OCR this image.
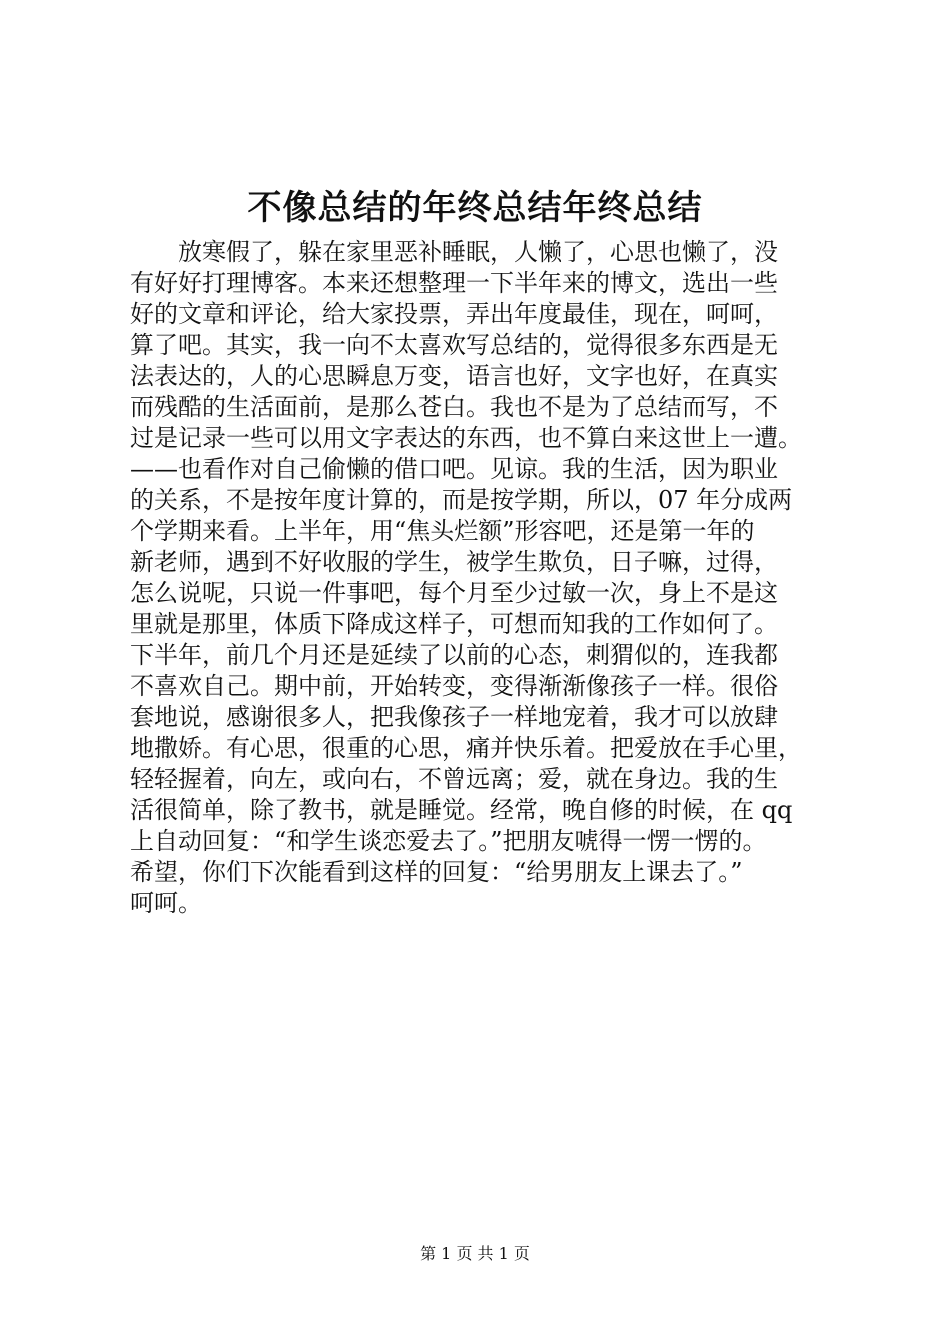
不像总结的年终总结年终总结
放寒假了，躲在家里恶补睡眠，人懒了，心思也懒了，没
有好好打理博客。本来还想整理一下半年来的博文，选出一些
好的文章和评论，给大家投票，弄出年度最佳，现在，呵呵，
算了吧。其实，我一向不太喜欢写总结的，觉得很多东西是无
法表达的，人的心思瞬息万变，语言也好，文字也好，在真实
而残酷的生活面前，是那么苍白。我也不是为了总结而写，不
过是记录一些可以用文字表达的东西，也不算白来这世上一遭。
——也看作对自己偷懒的借口吧。见谅。我的生活，因为职业
的关系，不是按年度计算的，而是按学期，所以，07 年分成两
个学期来看。上半年，用“焦头烂额”形容吧，还是第一年的
新老师，遇到不好收服的学生，被学生欺负，日子嘛，过得，
怎么说呢，只说一件事吧，每个月至少过敏一次，身上不是这
里就是那里，体质下降成这样子，可想而知我的工作如何了。
下半年，前几个月还是延续了以前的心态，刺猬似的，连我都
不喜欢自己。期中前，开始转变，变得渐渐像孩子一样。很俗
套地说，感谢很多人，把我像孩子一样地宠着，我才可以放肆
地撒娇。有心思，很重的心思，痛并快乐着。把爱放在手心里，
轻轻握着，向左，或向右，不曾远离；爱，就在身边。我的生
活很简单，除了教书，就是睡觉。经常，晚自修的时候，在 qq
上自动回复：“和学生谈恋爱去了。”把朋友唬得一愣一愣的。
希望，你们下次能看到这样的回复：“给男朋友上课去了。”
呵呵。
第 1 页 共 1 页
